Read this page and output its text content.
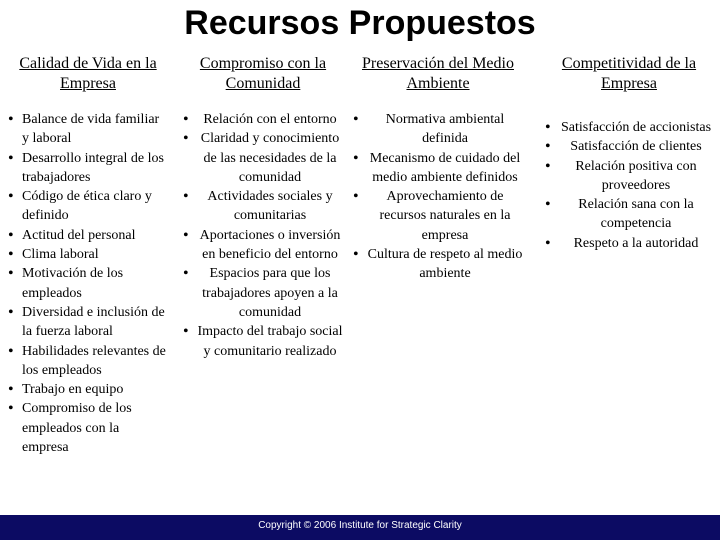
Recursos Propuestos
Calidad de Vida en la Empresa
• Balance de vida familiar y laboral
• Desarrollo integral de los trabajadores
• Código de ética claro y definido
• Actitud del personal
• Clima laboral
• Motivación de los empleados
• Diversidad e inclusión de la fuerza laboral
• Habilidades relevantes de los empleados
• Trabajo en equipo
• Compromiso de los empleados con la empresa
Compromiso con la Comunidad
• Relación con el entorno
• Claridad y conocimiento de las necesidades de la comunidad
• Actividades sociales y comunitarias
• Aportaciones o inversión en beneficio del entorno
• Espacios para que los trabajadores apoyen a la comunidad
• Impacto del trabajo social y comunitario realizado
Preservación del Medio Ambiente
• Normativa ambiental definida
• Mecanismo de cuidado del medio ambiente definidos
• Aprovechamiento de recursos naturales en la empresa
• Cultura de respeto al medio ambiente
Competitividad de la Empresa
• Satisfacción de accionistas
• Satisfacción de clientes
• Relación positiva con proveedores
• Relación sana con la competencia
• Respeto a la autoridad
Copyright © 2006 Institute for Strategic Clarity
